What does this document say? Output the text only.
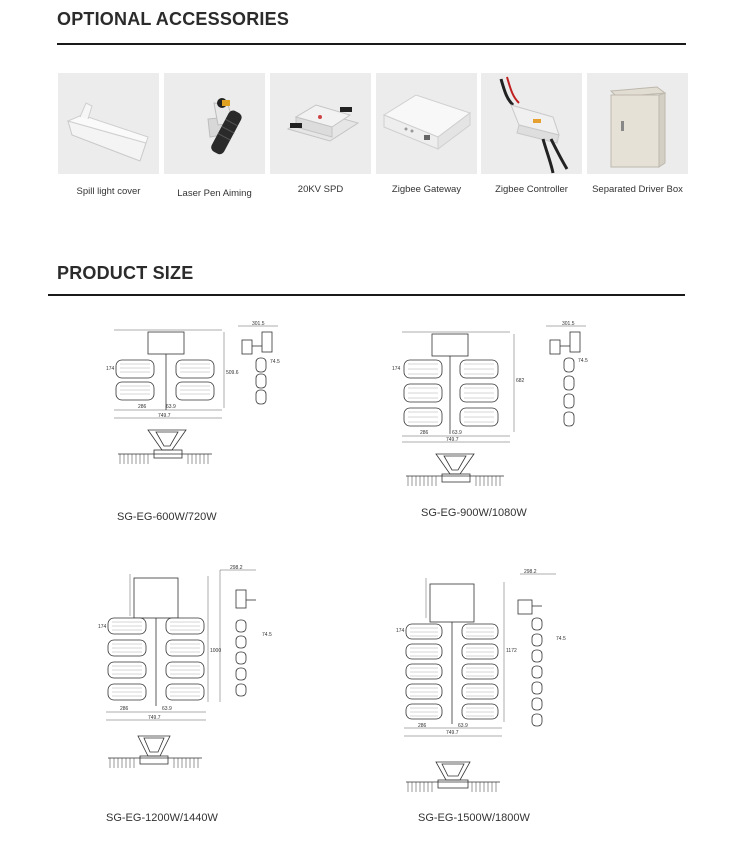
OPTIONAL ACCESSORIES
Spill light cover	Laser Pen Aiming	20KV SPD	Zigbee Gateway	Zigbee Controller	Separated Driver Box
PRODUCT SIZE
286	63.9
749.7
301.5
74.5
509.6
174
SG-EG-600W/720W
286	63.9
749.7
301.5
74.5
682
174
SG-EG-900W/1080W
286	63.9
749.7
298.2
74.5
1000
174
SG-EG-1200W/1440W
286	63.9
749.7
298.2
74.5
1172
174
SG-EG-1500W/1800W
